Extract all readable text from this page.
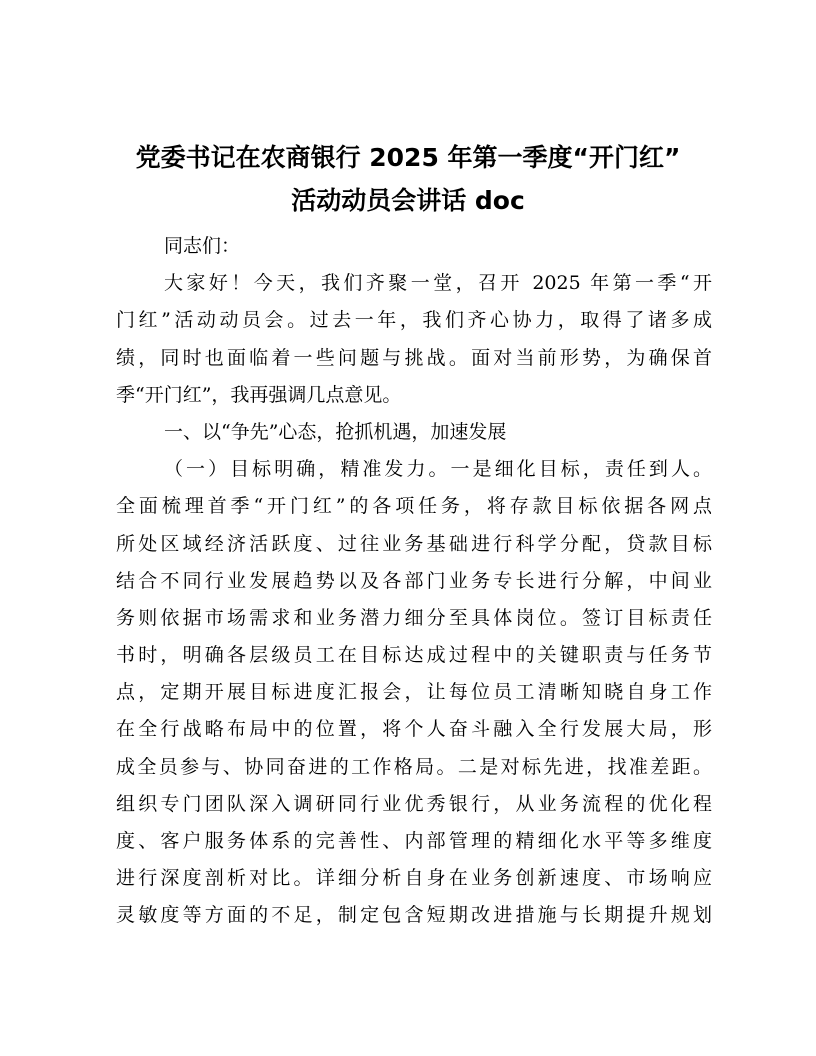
党委书记在农商银行 2025 年第一季度“开门红”
活动动员会讲话 doc
同志们：
大家好！今天，我们齐聚一堂，召开 2025 年第一季“开
门红”活动动员会。过去一年，我们齐心协力，取得了诸多成
绩，同时也面临着一些问题与挑战。面对当前形势，为确保首
季“开门红”，我再强调几点意见。
一、以“争先”心态，抢抓机遇，加速发展
（一）目标明确，精准发力。一是细化目标，责任到人。
全面梳理首季“开门红”的各项任务，将存款目标依据各网点
所处区域经济活跃度、过往业务基础进行科学分配，贷款目标
结合不同行业发展趋势以及各部门业务专长进行分解，中间业
务则依据市场需求和业务潜力细分至具体岗位。签订目标责任
书时，明确各层级员工在目标达成过程中的关键职责与任务节
点，定期开展目标进度汇报会，让每位员工清晰知晓自身工作
在全行战略布局中的位置，将个人奋斗融入全行发展大局，形
成全员参与、协同奋进的工作格局。二是对标先进，找准差距。
组织专门团队深入调研同行业优秀银行，从业务流程的优化程
度、客户服务体系的完善性、内部管理的精细化水平等多维度
进行深度剖析对比。详细分析自身在业务创新速度、市场响应
灵敏度等方面的不足，制定包含短期改进措施与长期提升规划
